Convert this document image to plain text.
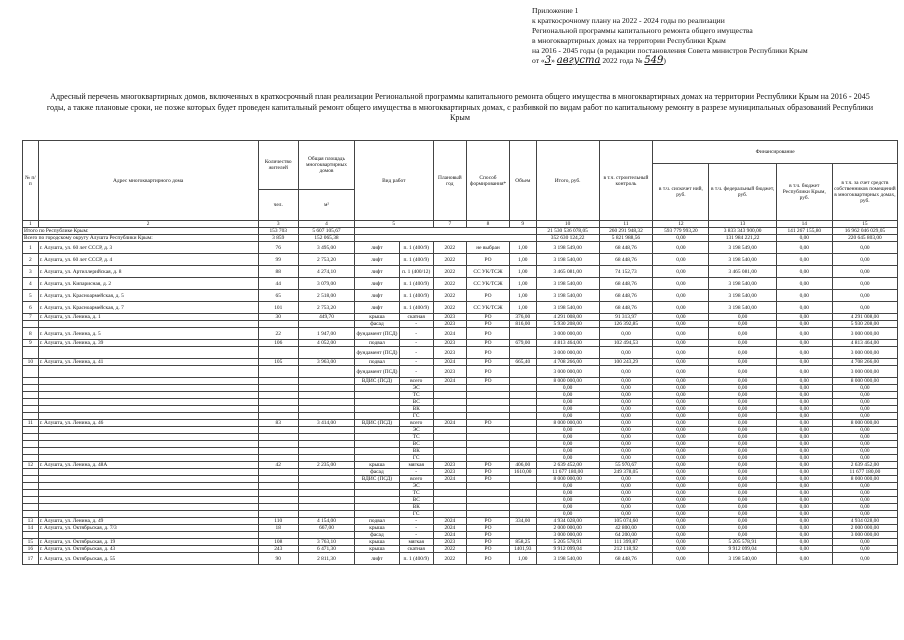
Приложение 1
к краткосрочному плану на 2022 - 2024 годы по реализации
Региональной программы капитального ремонта общего имущества
в многоквартирных домах на территории Республики Крым
на 2016 - 2045 годы (в редакции постановления Совета министров Республики Крым
от «3» августа 2022 года № 549)
Адресный перечень многоквартирных домов, включенных в краткосрочный план реализации Региональной программы капитального ремонта общего имущества в многоквартирных домах на территории Республики Крым на 2016 - 2045 годы, а также плановые сроки, не позже которых будет проведен капитальный ремонт общего имущества в многоквартирных домах, с разбивкой по видам работ по капитальному ремонту в разрезе муниципальных образований Республики Крым
№ п/п	Адрес многоквартирного дома	Количество жителей	Общая площадь многоквартирных домов	Вид работ		Плановый год	Способ формирования*	Объем	Итого, руб.	в т.ч. строительный контроль	Финансирование			
											в т.ч. сискочет ний, руб.	в т.ч. федеральный бюджет, руб.	в т.ч. бюджет Республики Крым, руб.	в т.ч. за счет средств собственников помещений в многоквартирных домах, руб.
		чел.	м²											
1	2	3	4	5		7	8	9	10	11	12	13	14	15
Итого по Республике Крым:		153 703	5 607 105,67						21 530 536 078,05	260 291 948,32	593 779 993,20	3 833 343 900,00	141 267 155,80	16 962 046 029,05
Всего по городскому округу Алушта Республики Крым:		3 859	152 065,38						352 630 124,22	5 821 988,56	0,00	131 984 221,22	0,00	220 645 803,00
1	г. Алушта, ул. 60 лет СССР, д. 3	76	3 495,00	лифт	п. 1 (400/9)	2022	не выбран	1,00	3 198 549,00	68 448,76	0,00	3 198 549,00	0,00	0,00
2	г. Алушта, ул. 60 лет СССР, д. 4	99	2 753,20	лифт	п. 1 (400/9)	2022	РО	1,00	3 198 540,00	68 448,76	0,00	3 198 540,00	0,00	0,00
3	г. Алушта, ул. Артиллерийская, д. 8	88	4 274,10	лифт	п. 1 (400/12)	2022	СС УК/ТСЖ	1,00	3 465 081,00	74 152,73	0,00	3 465 081,00	0,00	0,00
4	г. Алушта, ул. Кипарисная, д. 2	44	3 079,00	лифт	п. 1 (400/9)	2022	СС УК/ТСЖ	1,00	3 198 540,00	68 448,76	0,00	3 198 540,00	0,00	0,00
5	г. Алушта, ул. Красноармейская, д. 5	65	2 518,00	лифт	п. 1 (400/9)	2022	РО	1,00	3 198 540,00	68 448,76	0,00	3 198 540,00	0,00	0,00
6	г. Алушта, ул. Красноармейская, д. 7	101	2 753,20	лифт	п. 1 (400/9)	2022	СС УК/ТСЖ	1,00	3 198 540,00	68 448,76	0,00	3 198 540,00	0,00	0,00
7	г. Алушта, ул. Ленина, д. 1	30	449,70	крыша	скатная	2023	РО	376,00	4 291 008,00	91 313,97	0,00	0,00	0,00	4 291 008,00
				фасад	-	2023	РО	816,00	5 930 208,00	126 392,85	0,00	0,00	0,00	5 930 208,00
8	г. Алушта, ул. Ленина, д. 5	22	1 947,00	фундамент (ПСД)	-	2024	РО		3 000 000,00	0,00	0,00	0,00	0,00	3 000 000,00
9	г. Алушта, ул. Ленина, д. 39	106	4 052,00	подвал	-	2023	РО	679,00	4 813 464,00	102 494,53	0,00	0,00	0,00	4 813 464,00
				фундамент (ПСД)	-	2023	РО		3 000 000,00	0,00	0,00	0,00	0,00	3 000 000,00
10	г. Алушта, ул. Ленина, д. 41	105	3 963,00	подвал	-	2024	РО	665,40	4 708 266,00	100 243,29	0,00	0,00	0,00	4 708 266,00
				фундамент (ПСД)	-	2023	РО		3 000 000,00	0,00	0,00	0,00	0,00	3 000 000,00
				ВДИС (ПСД)	всего	2024	РО		8 000 000,00	0,00	0,00	0,00	0,00	8 000 000,00
					ЭС				0,00	0,00	0,00	0,00	0,00	0,00
					ТС				0,00	0,00	0,00	0,00	0,00	0,00
					ВС				0,00	0,00	0,00	0,00	0,00	0,00
					ВК				0,00	0,00	0,00	0,00	0,00	0,00
					ГС				0,00	0,00	0,00	0,00	0,00	0,00
11	г. Алушта, ул. Ленина, д. 46	83	3 414,00	ВДИС (ПСД)	всего	2024	РО		8 000 000,00	0,00	0,00	0,00	0,00	8 000 000,00
					ЭС				0,00	0,00	0,00	0,00	0,00	0,00
					ТС				0,00	0,00	0,00	0,00	0,00	0,00
					ВС				0,00	0,00	0,00	0,00	0,00	0,00
					ВК				0,00	0,00	0,00	0,00	0,00	0,00
					ГС				0,00	0,00	0,00	0,00	0,00	0,00
12	г. Алушта, ул. Ленина, д. 48А	42	2 235,00	крыша	мягкая	2023	РО	406,00	2 639 452,00	55 970,67	0,00	0,00	0,00	2 639 452,00
				фасад	-	2023	РО	1610,00	11 677 180,00	249 378,05	0,00	0,00	0,00	11 677 180,00
				ВДИС (ПСД)	всего	2024	РО		8 000 000,00	0,00	0,00	0,00	0,00	8 000 000,00
					ЭС				0,00	0,00	0,00	0,00	0,00	0,00
					ТС				0,00	0,00	0,00	0,00	0,00	0,00
					ВС				0,00	0,00	0,00	0,00	0,00	0,00
					ВК				0,00	0,00	0,00	0,00	0,00	0,00
					ГС				0,00	0,00	0,00	0,00	0,00	0,00
13	г. Алушта, ул. Ленина, д. 49	110	4 154,00	подвал	-	2024	РО	334,00	4 934 028,00	105 074,60	0,00	0,00	0,00	4 934 028,00
14	г. Алушта, ул. Октябрьская, д. 7/3	18	667,00	крыша	-	2024	РО		2 000 000,00	42 800,00	0,00	0,00	0,00	2 000 000,00
				фасад	-	2024	РО		3 000 000,00	64 200,00	0,00	0,00	0,00	3 000 000,00
15	г. Алушта, ул. Октябрьская, д. 19	108	3 763,10	крыша	мягкая	2023	РО	858,25	5 205 578,91	111 399,87	0,00	5 205 578,91	0,00	0,00
16	г. Алушта, ул. Октябрьская, д. 43	243	6 471,30	крыша	скатная	2022	РО	1401,93	9 912 099,04	212 118,92	0,00	9 912 099,04	0,00	0,00
17	г. Алушта, ул. Октябрьская, д. 55	90	2 811,30	лифт	п. 1 (400/9)	2022	РО	1,00	3 198 540,00	68 448,76	0,00	3 198 540,00	0,00	0,00
